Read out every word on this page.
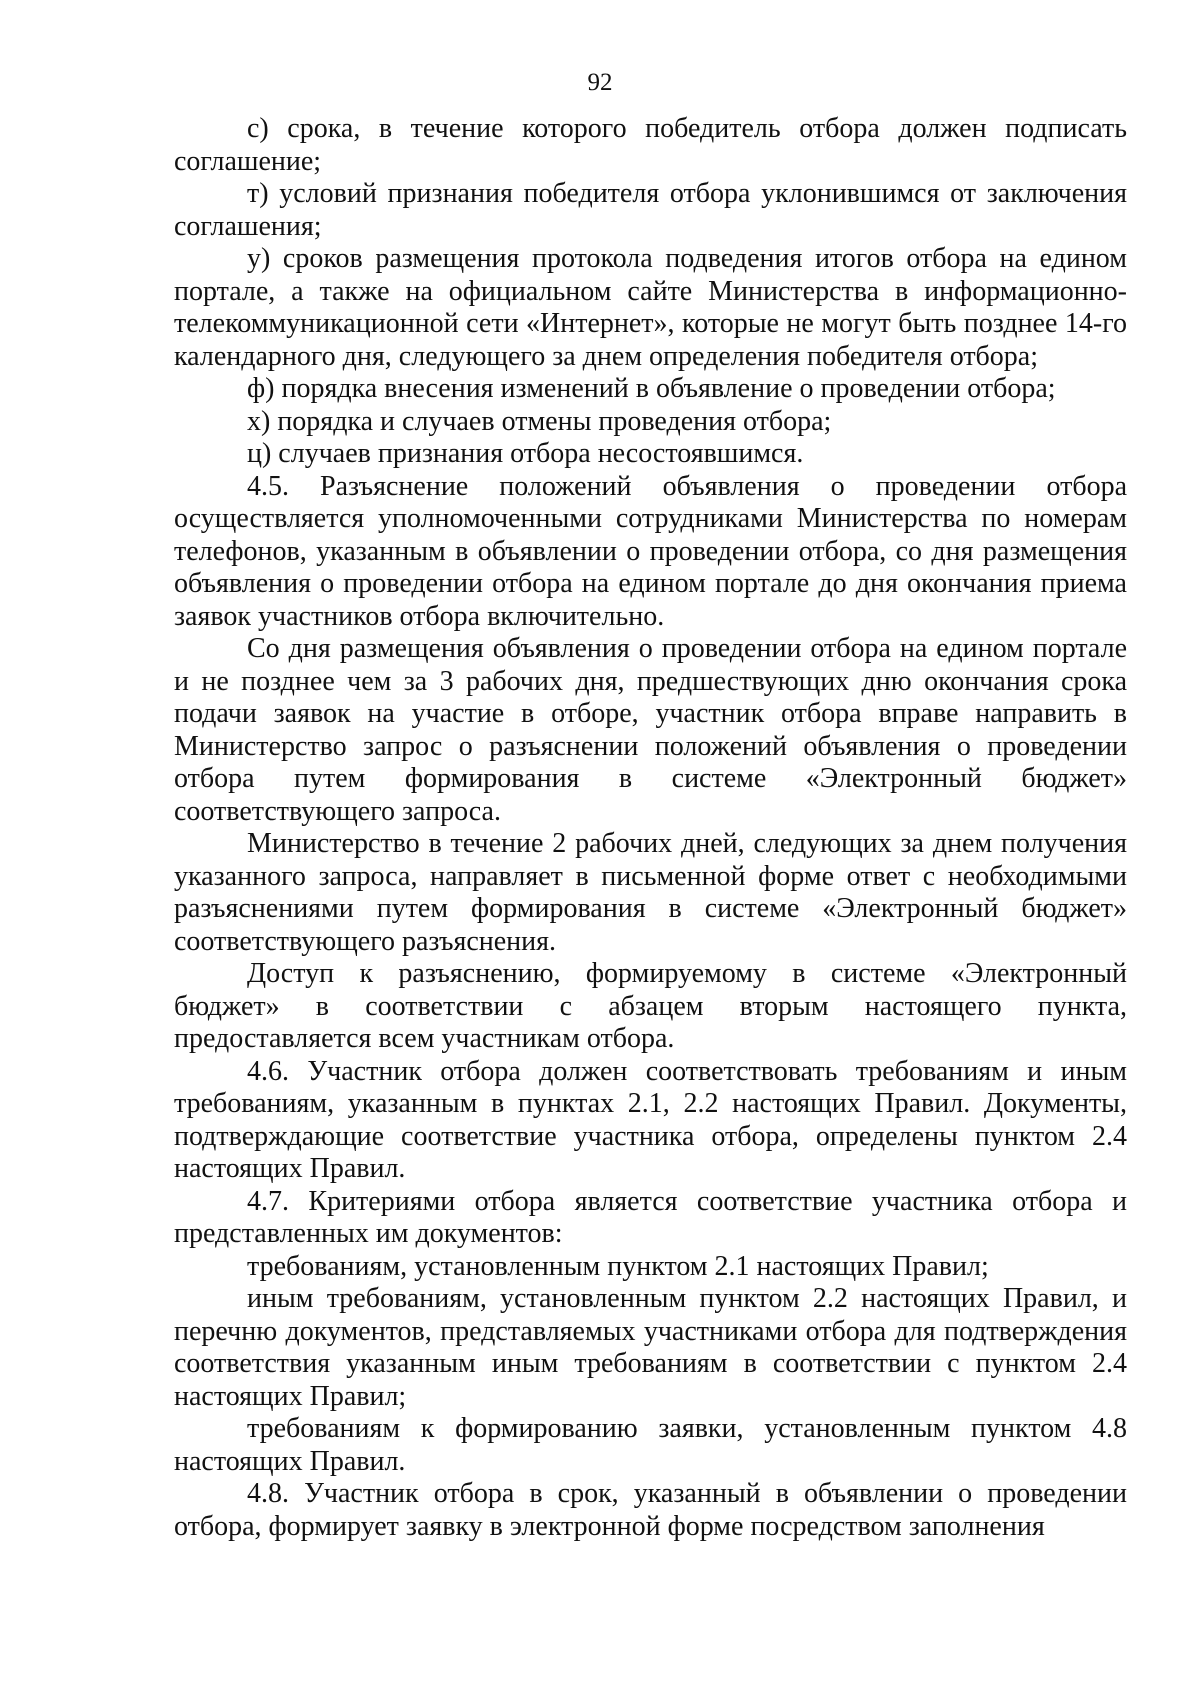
92

с) срока, в течение которого победитель отбора должен подписать соглашение;

т) условий признания победителя отбора уклонившимся от заключения соглашения;

у) сроков размещения протокола подведения итогов отбора на едином портале, а также на официальном сайте Министерства в информационно-телекоммуникационной сети «Интернет», которые не могут быть позднее 14-го календарного дня, следующего за днем определения победителя отбора;

ф) порядка внесения изменений в объявление о проведении отбора;

х) порядка и случаев отмены проведения отбора;

ц) случаев признания отбора несостоявшимся.

4.5. Разъяснение положений объявления о проведении отбора осуществляется уполномоченными сотрудниками Министерства по номерам телефонов, указанным в объявлении о проведении отбора, со дня размещения объявления о проведении отбора на едином портале до дня окончания приема заявок участников отбора включительно.

Со дня размещения объявления о проведении отбора на едином портале и не позднее чем за 3 рабочих дня, предшествующих дню окончания срока подачи заявок на участие в отборе, участник отбора вправе направить в Министерство запрос о разъяснении положений объявления о проведении отбора путем формирования в системе «Электронный бюджет» соответствующего запроса.

Министерство в течение 2 рабочих дней, следующих за днем получения указанного запроса, направляет в письменной форме ответ с необходимыми разъяснениями путем формирования в системе «Электронный бюджет» соответствующего разъяснения.

Доступ к разъяснению, формируемому в системе «Электронный бюджет» в соответствии с абзацем вторым настоящего пункта, предоставляется всем участникам отбора.

4.6. Участник отбора должен соответствовать требованиям и иным требованиям, указанным в пунктах 2.1, 2.2 настоящих Правил. Документы, подтверждающие соответствие участника отбора, определены пунктом 2.4 настоящих Правил.

4.7. Критериями отбора является соответствие участника отбора и представленных им документов:

требованиям, установленным пунктом 2.1 настоящих Правил;

иным требованиям, установленным пунктом 2.2 настоящих Правил, и перечню документов, представляемых участниками отбора для подтверждения соответствия указанным иным требованиям в соответствии с пунктом 2.4 настоящих Правил;

требованиям к формированию заявки, установленным пунктом 4.8 настоящих Правил.

4.8. Участник отбора в срок, указанный в объявлении о проведении отбора, формирует заявку в электронной форме посредством заполнения
